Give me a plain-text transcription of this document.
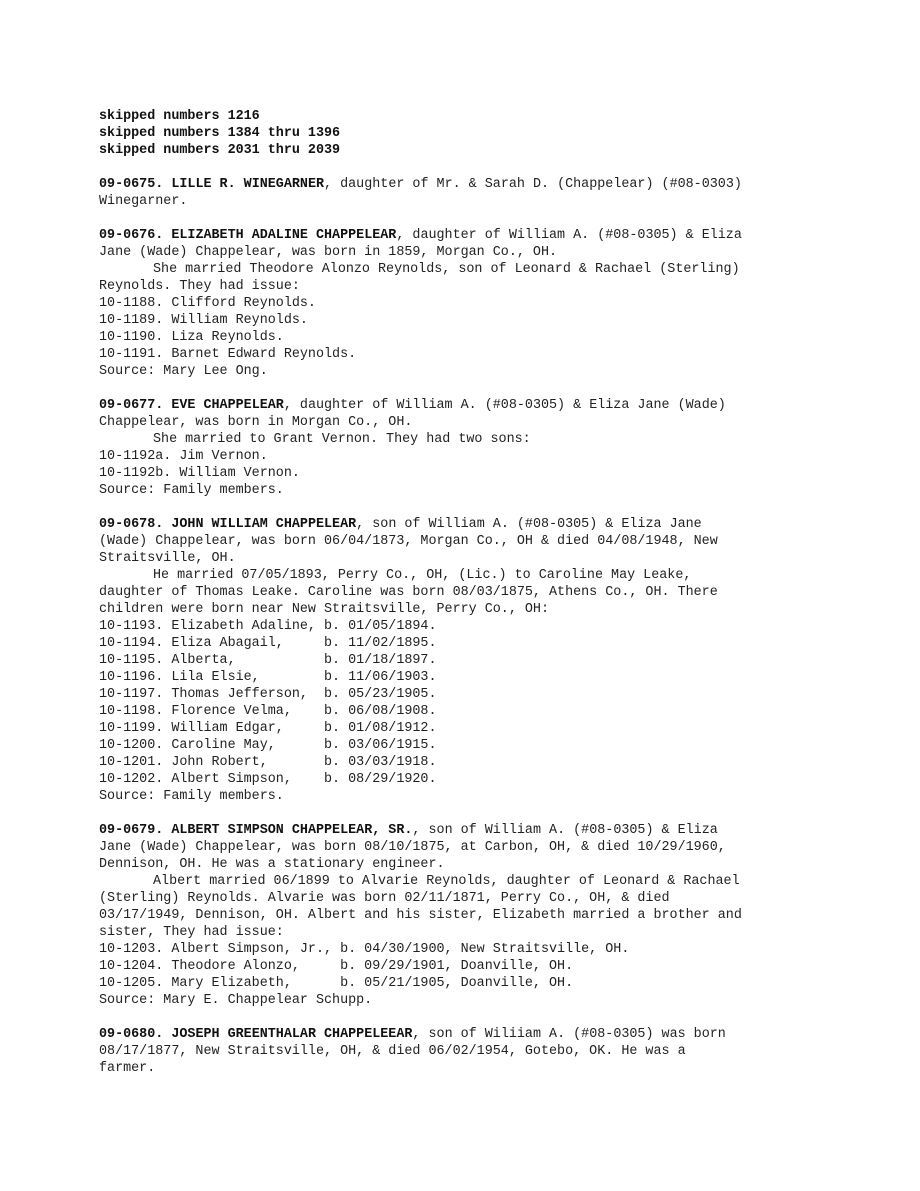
skipped numbers 1216
skipped numbers 1384 thru 1396
skipped numbers 2031 thru 2039
09-0675. LILLE R. WINEGARNER, daughter of Mr. & Sarah D. (Chappelear) (#08-0303)
Winegarner.
09-0676. ELIZABETH ADALINE CHAPPELEAR, daughter of William A. (#08-0305) & Eliza
Jane (Wade) Chappelear, was born in 1859, Morgan Co., OH.
She married Theodore Alonzo Reynolds, son of Leonard & Rachael (Sterling)
Reynolds. They had issue:
10-1188. Clifford Reynolds.
10-1189. William Reynolds.
10-1190. Liza Reynolds.
10-1191. Barnet Edward Reynolds.
Source: Mary Lee Ong.
09-0677. EVE CHAPPELEAR, daughter of William A. (#08-0305) & Eliza Jane (Wade)
Chappelear, was born in Morgan Co., OH.
She married to Grant Vernon. They had two sons:
10-1192a. Jim Vernon.
10-1192b. William Vernon.
Source: Family members.
09-0678. JOHN WILLIAM CHAPPELEAR, son of William A. (#08-0305) & Eliza Jane
(Wade) Chappelear, was born 06/04/1873, Morgan Co., OH & died 04/08/1948, New
Straitsville, OH.
He married 07/05/1893, Perry Co., OH, (Lic.) to Caroline May Leake,
daughter of Thomas Leake. Caroline was born 08/03/1875, Athens Co., OH. There
children were born near New Straitsville, Perry Co., OH:
10-1193. Elizabeth Adaline, b. 01/05/1894.
10-1194. Eliza Abagail,     b. 11/02/1895.
10-1195. Alberta,           b. 01/18/1897.
10-1196. Lila Elsie,        b. 11/06/1903.
10-1197. Thomas Jefferson,  b. 05/23/1905.
10-1198. Florence Velma,    b. 06/08/1908.
10-1199. William Edgar,     b. 01/08/1912.
10-1200. Caroline May,      b. 03/06/1915.
10-1201. John Robert,       b. 03/03/1918.
10-1202. Albert Simpson,    b. 08/29/1920.
Source: Family members.
09-0679. ALBERT SIMPSON CHAPPELEAR, SR., son of William A. (#08-0305) & Eliza
Jane (Wade) Chappelear, was born 08/10/1875, at Carbon, OH, & died 10/29/1960,
Dennison, OH. He was a stationary engineer.
Albert married 06/1899 to Alvarie Reynolds, daughter of Leonard & Rachael
(Sterling) Reynolds. Alvarie was born 02/11/1871, Perry Co., OH, & died
03/17/1949, Dennison, OH. Albert and his sister, Elizabeth married a brother and
sister, They had issue:
10-1203. Albert Simpson, Jr., b. 04/30/1900, New Straitsville, OH.
10-1204. Theodore Alonzo,     b. 09/29/1901, Doanville, OH.
10-1205. Mary Elizabeth,      b. 05/21/1905, Doanville, OH.
Source: Mary E. Chappelear Schupp.
09-0680. JOSEPH GREENTHALAR CHAPPELEEAR, son of Wiliiam A. (#08-0305) was born
08/17/1877, New Straitsville, OH, & died 06/02/1954, Gotebo, OK. He was a
farmer.
